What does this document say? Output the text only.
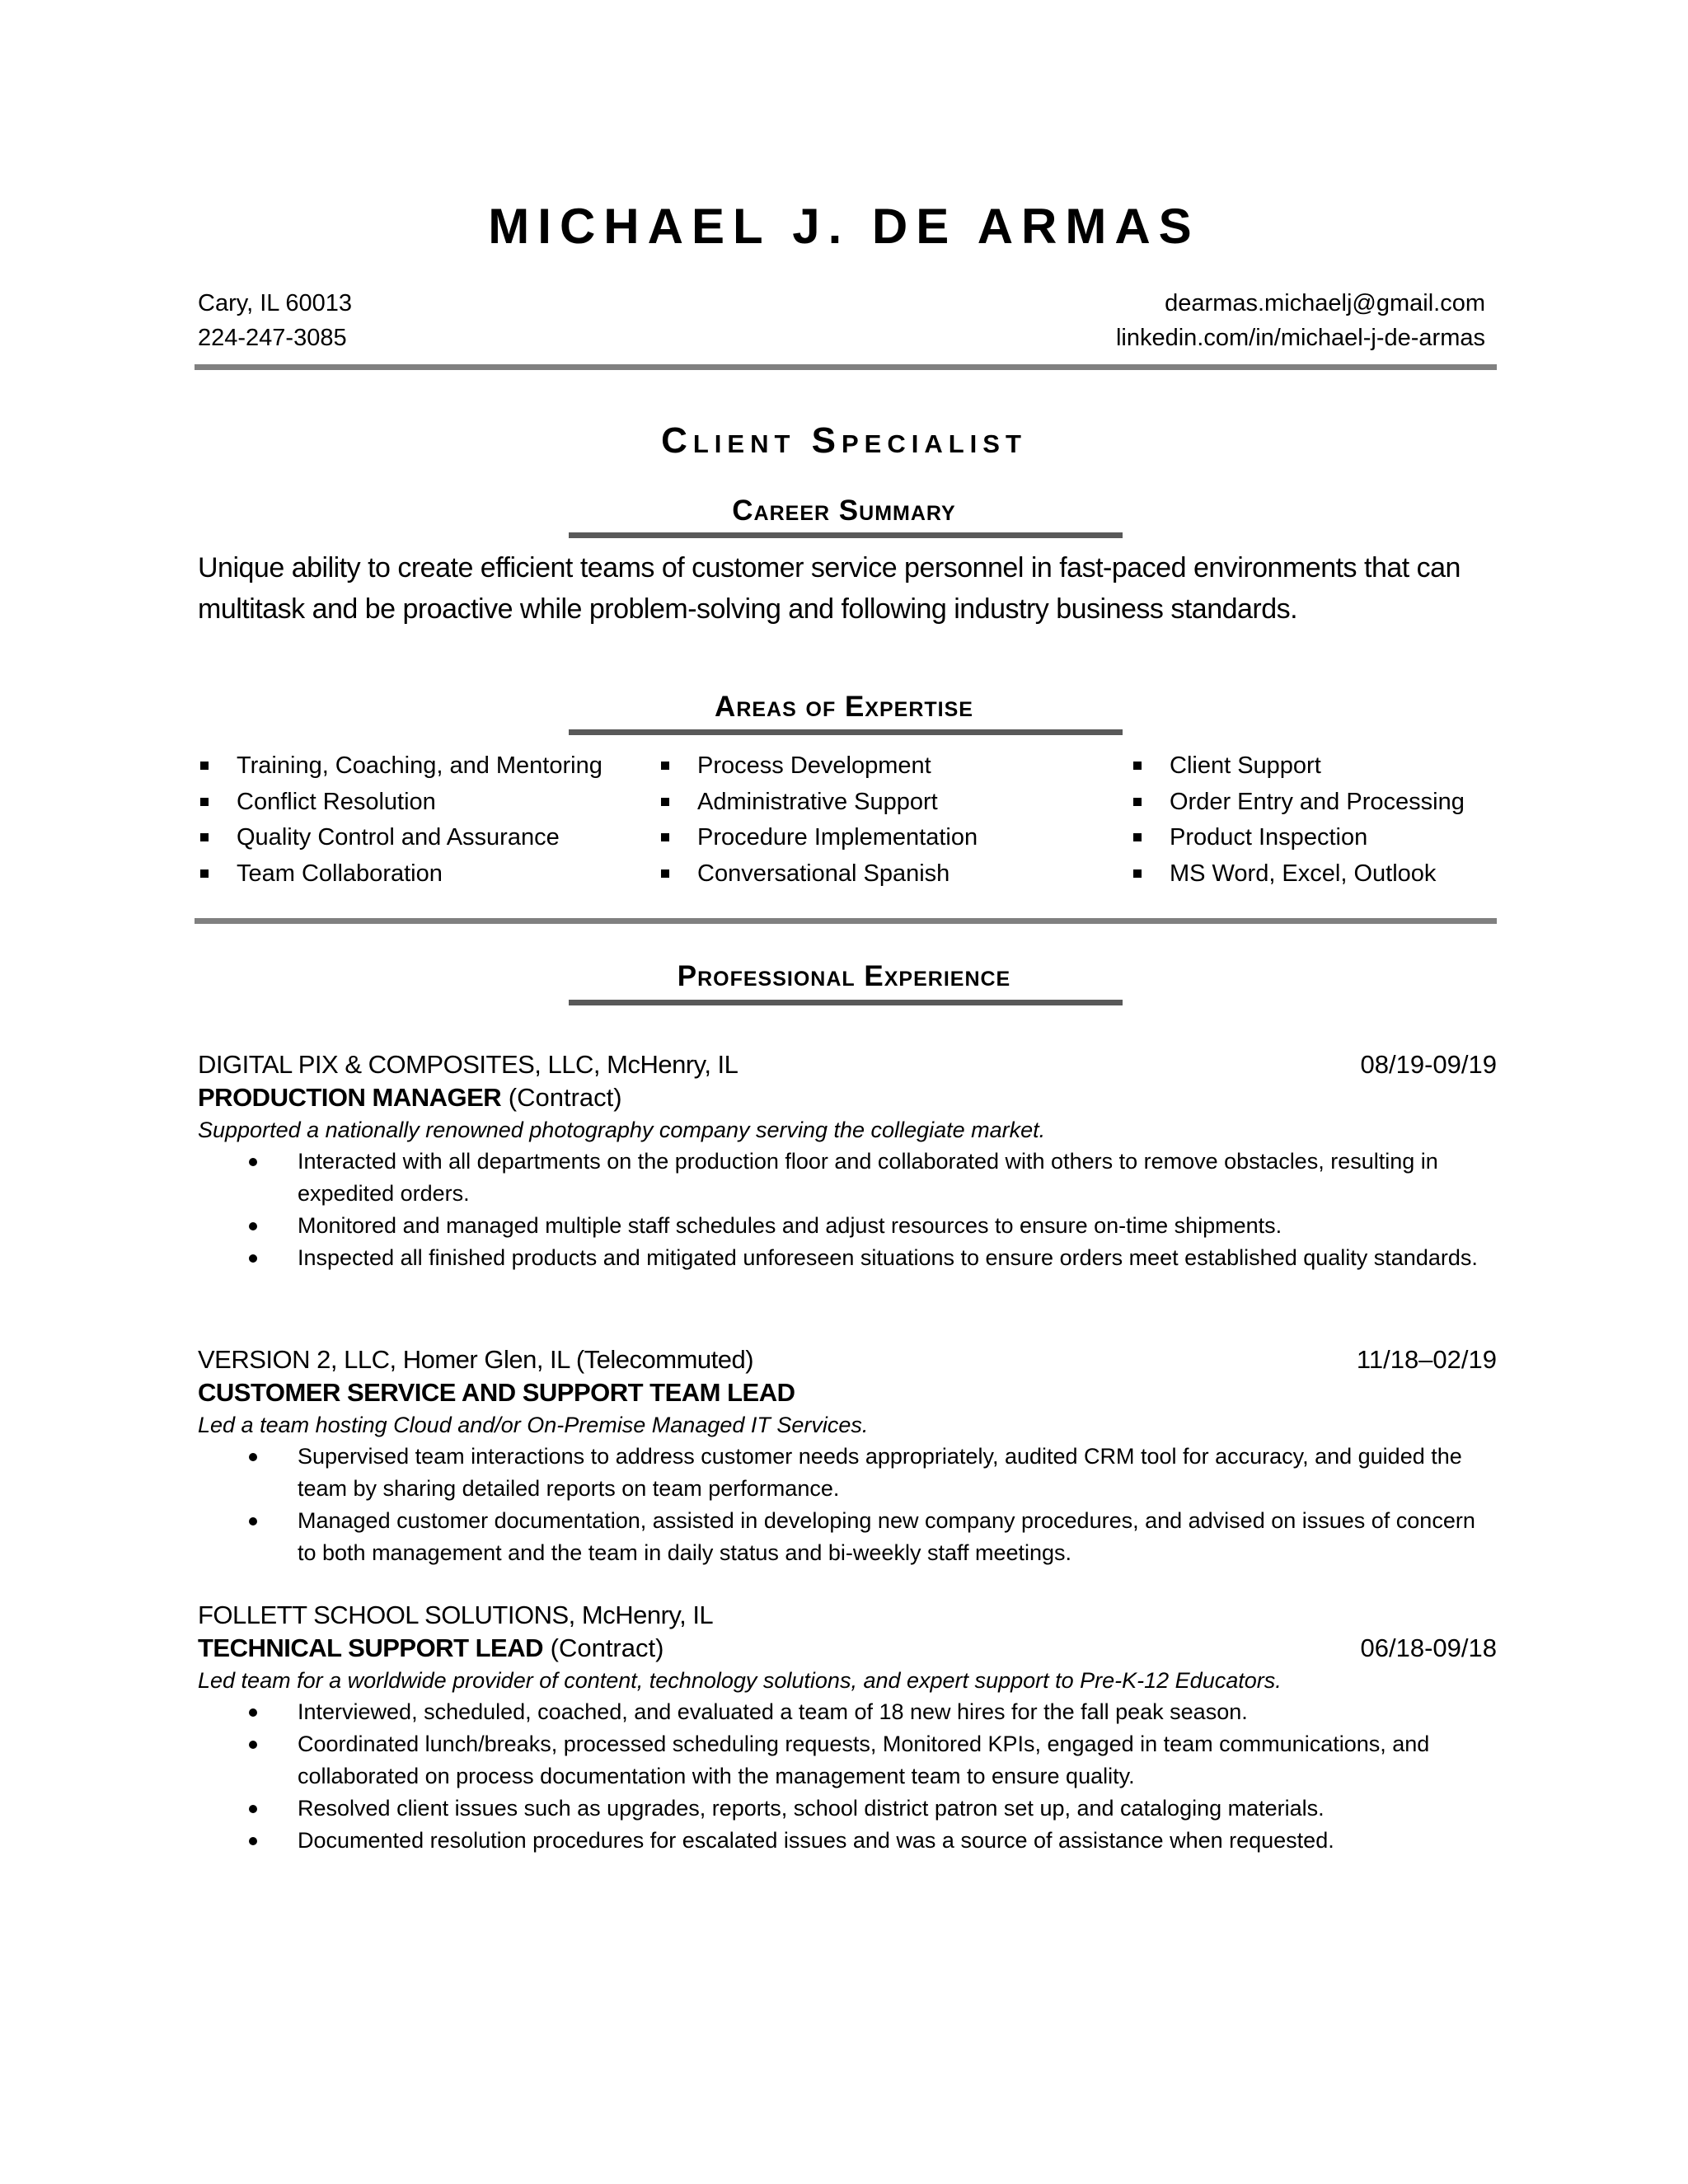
MICHAEL J. DE ARMAS
Cary, IL 60013
224-247-3085
dearmas.michaelj@gmail.com
linkedin.com/in/michael-j-de-armas
Client Specialist
Career Summary
Unique ability to create efficient teams of customer service personnel in fast-paced environments that can multitask and be proactive while problem-solving and following industry business standards.
Areas of Expertise
Training, Coaching, and Mentoring
Conflict Resolution
Quality Control and Assurance
Team Collaboration
Process Development
Administrative Support
Procedure Implementation
Conversational Spanish
Client Support
Order Entry and Processing
Product Inspection
MS Word, Excel, Outlook
Professional Experience
DIGITAL PIX & COMPOSITES, LLC, McHenry, IL	08/19-09/19
PRODUCTION MANAGER (Contract)
Supported a nationally renowned photography company serving the collegiate market.
Interacted with all departments on the production floor and collaborated with others to remove obstacles, resulting in expedited orders.
Monitored and managed multiple staff schedules and adjust resources to ensure on-time shipments.
Inspected all finished products and mitigated unforeseen situations to ensure orders meet established quality standards.
VERSION 2, LLC, Homer Glen, IL (Telecommuted)	11/18–02/19
CUSTOMER SERVICE AND SUPPORT TEAM LEAD
Led a team hosting Cloud and/or On-Premise Managed IT Services.
Supervised team interactions to address customer needs appropriately, audited CRM tool for accuracy, and guided the team by sharing detailed reports on team performance.
Managed customer documentation, assisted in developing new company procedures, and advised on issues of concern to both management and the team in daily status and bi-weekly staff meetings.
FOLLETT SCHOOL SOLUTIONS, McHenry, IL
TECHNICAL SUPPORT LEAD (Contract)	06/18-09/18
Led team for a worldwide provider of content, technology solutions, and expert support to Pre-K-12 Educators.
Interviewed, scheduled, coached, and evaluated a team of 18 new hires for the fall peak season.
Coordinated lunch/breaks, processed scheduling requests, Monitored KPIs, engaged in team communications, and collaborated on process documentation with the management team to ensure quality.
Resolved client issues such as upgrades, reports, school district patron set up, and cataloging materials.
Documented resolution procedures for escalated issues and was a source of assistance when requested.
